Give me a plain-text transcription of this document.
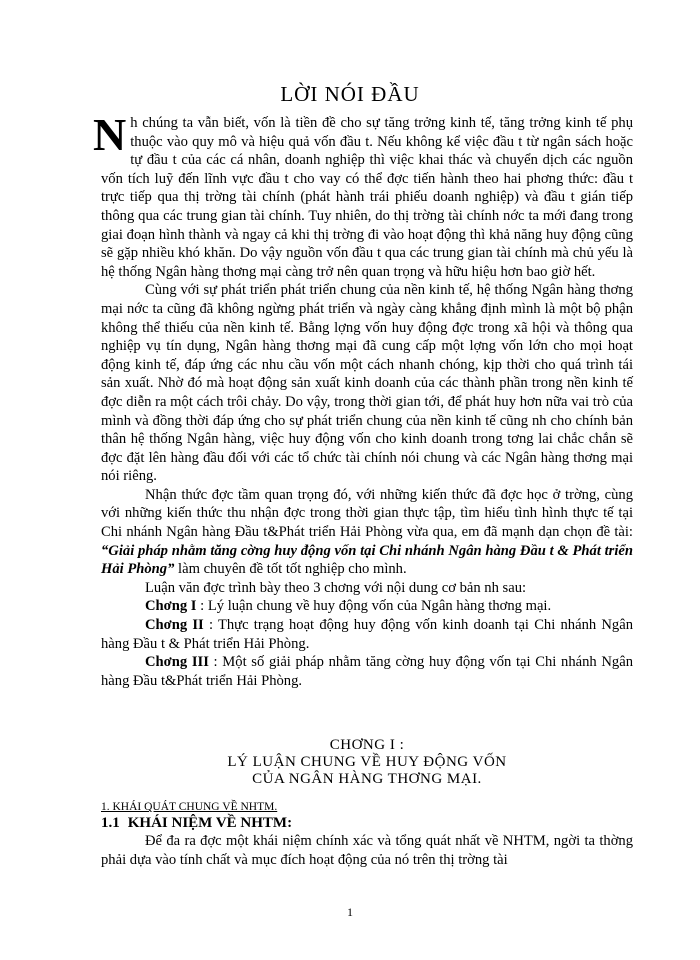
LỜI NÓI ĐẦU

Nh chúng ta vẫn biết, vốn là tiền đề cho sự tăng trởng kinh tế, tăng trởng kinh tế phụ thuộc vào quy mô và hiệu quả vốn đầu t. Nếu không kể việc đầu t từ ngân sách hoặc tự đầu t của các cá nhân, doanh nghiệp thì việc khai thác và chuyển dịch các nguồn vốn tích luỹ đến lĩnh vực đầu t cho vay có thể đợc tiến hành theo hai phơng thức: đầu t trực tiếp qua thị trờng tài chính (phát hành trái phiếu doanh nghiệp) và đầu t gián tiếp thông qua các trung gian tài chính. Tuy nhiên, do thị trờng tài chính nớc ta mới đang trong giai đoạn hình thành và ngay cả khi thị trờng đi vào hoạt động thì khả năng huy động cũng sẽ gặp nhiều khó khăn. Do vậy nguồn vốn đầu t qua các trung gian tài chính mà chủ yếu là hệ thống Ngân hàng thơng mại càng trở nên quan trọng và hữu hiệu hơn bao giờ hết.

Cùng với sự phát triển phát triển chung của nền kinh tế, hệ thống Ngân hàng thơng mại nớc ta cũng đã không ngừng phát triển và ngày càng khẳng định mình là một bộ phận không thể thiếu của nền kinh tế. Bằng lợng vốn huy động đợc trong xã hội và thông qua nghiệp vụ tín dụng, Ngân hàng thơng mại đã cung cấp một lợng vốn lớn cho mọi hoạt động kinh tế, đáp ứng các nhu cầu vốn một cách nhanh chóng, kịp thời cho quá trình tái sản xuất. Nhờ đó mà hoạt động sản xuất kinh doanh của các thành phần trong nền kinh tế đợc diễn ra một cách trôi chảy. Do vậy, trong thời gian tới, để phát huy hơn nữa vai trò của mình và đồng thời đáp ứng cho sự phát triển chung của nền kinh tế cũng nh cho chính bản thân hệ thống Ngân hàng, việc huy động vốn cho kinh doanh trong tơng lai chắc chắn sẽ đợc đặt lên hàng đầu đối với các tổ chức tài chính nói chung và các Ngân hàng thơng mại nói riêng.

Nhận thức đợc tầm quan trọng đó, với những kiến thức đã đợc học ở trờng, cùng với những kiến thức thu nhận đợc trong thời gian thực tập, tìm hiểu tình hình thực tế tại Chi nhánh Ngân hàng Đầu t&Phát triển Hải Phòng vừa qua, em đã mạnh dạn chọn đề tài: “Giải pháp nhằm tăng cờng huy động vốn tại Chi nhánh Ngân hàng Đầu t & Phát triển Hải Phòng” làm chuyên đề tốt tốt nghiệp cho mình.

Luận văn đợc trình bày theo 3 chơng với nội dung cơ bản nh sau:

Chơng I : Lý luận chung về huy động vốn của Ngân hàng thơng mại.

Chơng II : Thực trạng hoạt động huy động vốn kinh doanh tại Chi nhánh Ngân hàng Đầu t & Phát triển Hải Phòng.

Chơng III : Một số giải pháp nhằm tăng cờng huy động vốn tại Chi nhánh Ngân hàng Đầu t&Phát triển Hải Phòng.

CHƠNG I :
LÝ LUẬN CHUNG VỀ HUY ĐỘNG VỐN
CỦA NGÂN HÀNG THƠNG MẠI.
1. KHÁI QUÁT CHUNG VỀ NHTM.
1.1 KHÁI NIỆM VỀ NHTM:

Để đa ra đợc một khái niệm chính xác và tổng quát nhất về NHTM, ngời ta thờng phải dựa vào tính chất và mục đích hoạt động của nó trên thị trờng tài

1
